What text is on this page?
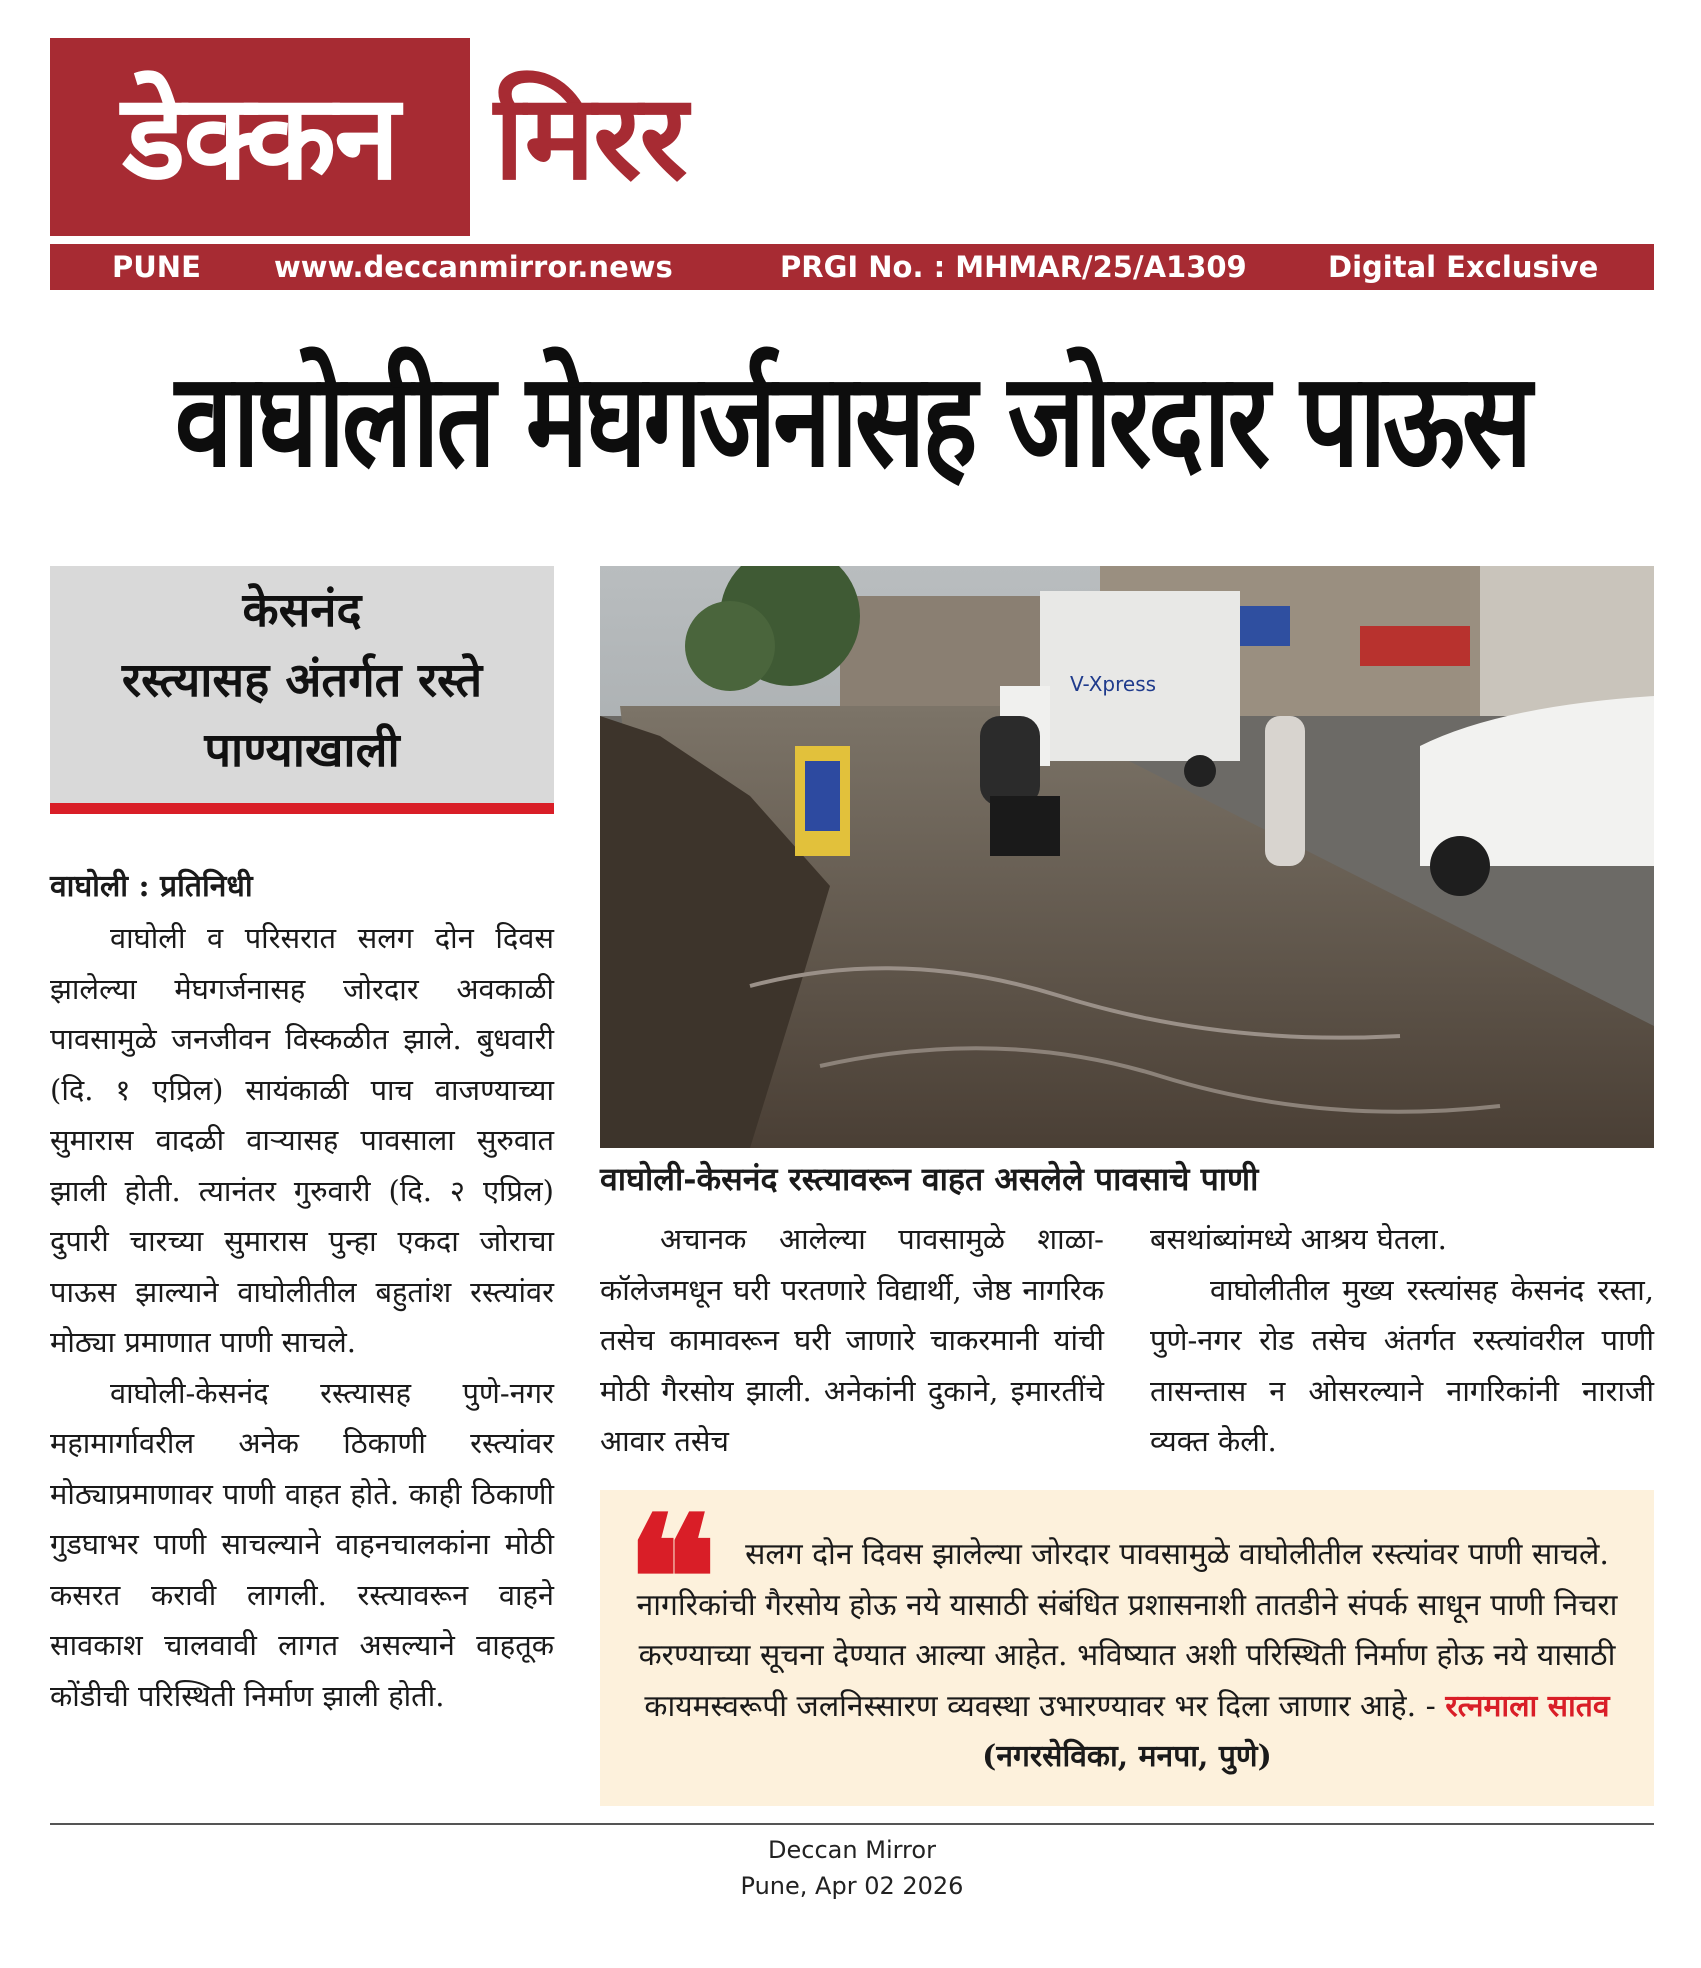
डेक्कन मिरर
PUNE	www.deccanmirror.news	PRGI No. : MHMAR/25/A1309	Digital Exclusive
वाघोलीत मेघगर्जनासह जोरदार पाऊस
केसनंद
रस्त्यासह अंतर्गत रस्ते
पाण्याखाली
वाघोली : प्रतिनिधी

वाघोली व परिसरात सलग दोन दिवस झालेल्या मेघगर्जनासह जोरदार अवकाळी पावसामुळे जनजीवन विस्कळीत झाले. बुधवारी (दि. १ एप्रिल) सायंकाळी पाच वाजण्याच्या सुमारास वादळी वाऱ्यासह पावसाला सुरुवात झाली होती. त्यानंतर गुरुवारी (दि. २ एप्रिल) दुपारी चारच्या सुमारास पुन्हा एकदा जोराचा पाऊस झाल्याने वाघोलीतील बहुतांश रस्त्यांवर मोठ्या प्रमाणात पाणी साचले.

वाघोली-केसनंद रस्त्यासह पुणे-नगर महामार्गावरील अनेक ठिकाणी रस्त्यांवर मोठ्याप्रमाणावर पाणी वाहत होते. काही ठिकाणी गुडघाभर पाणी साचल्याने वाहनचालकांना मोठी कसरत करावी लागली. रस्त्यावरून वाहने सावकाश चालवावी लागत असल्याने वाहतूक कोंडीची परिस्थिती निर्माण झाली होती.

V-Xpress
वाघोली-केसनंद रस्त्यावरून वाहत असलेले पावसाचे पाणी

अचानक आलेल्या पावसामुळे शाळा-कॉलेजमधून घरी परतणारे विद्यार्थी, जेष्ठ नागरिक तसेच कामावरून घरी जाणारे चाकरमानी यांची मोठी गैरसोय झाली. अनेकांनी दुकाने, इमारतींचे आवार तसेच

बसथांब्यांमध्ये आश्रय घेतला.

वाघोलीतील मुख्य रस्त्यांसह केसनंद रस्ता, पुणे-नगर रोड तसेच अंतर्गत रस्त्यांवरील पाणी तासन्तास न ओसरल्याने नागरिकांनी नाराजी व्यक्त केली.

❝ सलग दोन दिवस झालेल्या जोरदार पावसामुळे वाघोलीतील रस्त्यांवर पाणी साचले. नागरिकांची गैरसोय होऊ नये यासाठी संबंधित प्रशासनाशी तातडीने संपर्क साधून पाणी निचरा करण्याच्या सूचना देण्यात आल्या आहेत. भविष्यात अशी परिस्थिती निर्माण होऊ नये यासाठी कायमस्वरूपी जलनिस्सारण व्यवस्था उभारण्यावर भर दिला जाणार आहे. - रत्नमाला सातव (नगरसेविका, मनपा, पुणे)
Deccan Mirror
Pune, Apr 02 2026
